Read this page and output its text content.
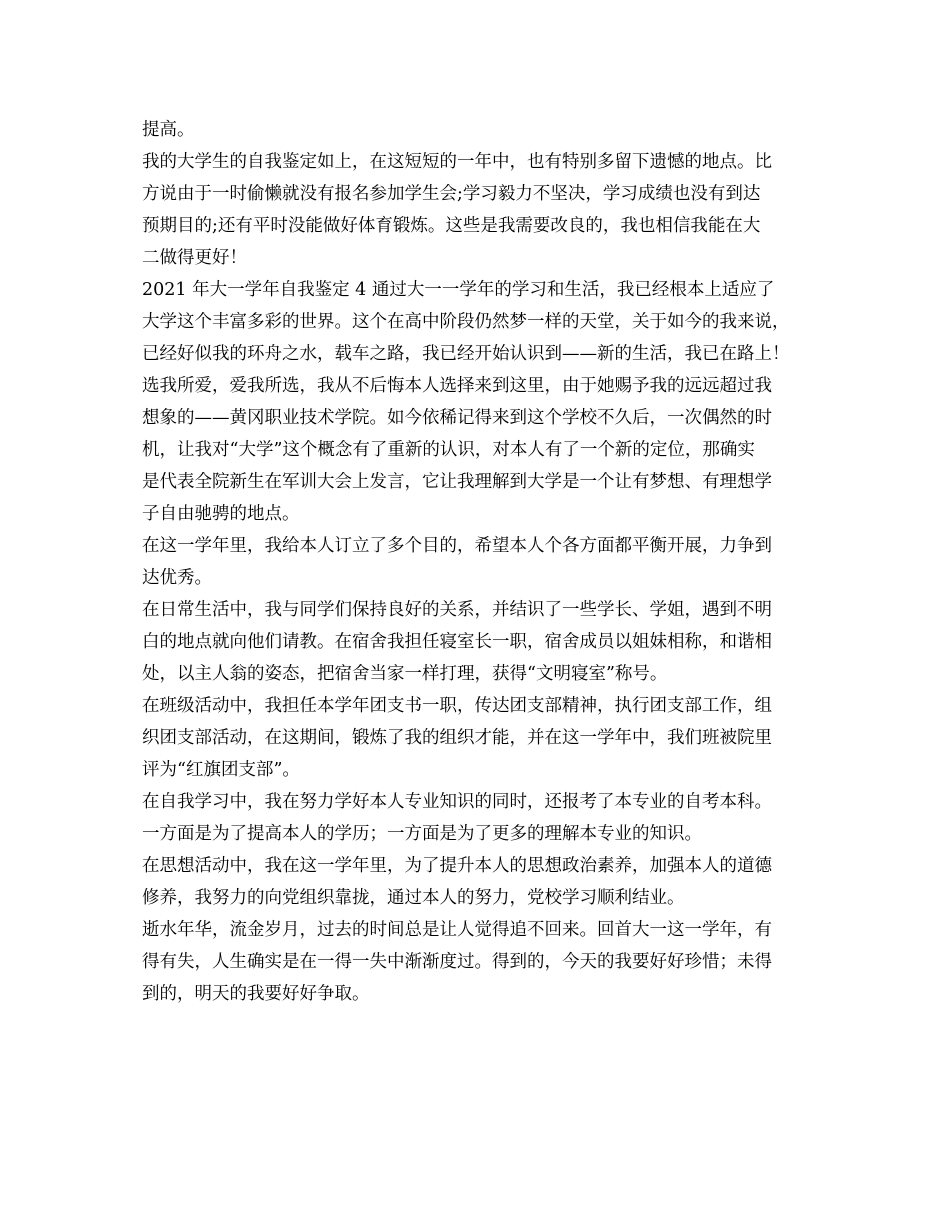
提高。
我的大学生的自我鉴定如上，在这短短的一年中，也有特别多留下遗憾的地点。比
方说由于一时偷懒就没有报名参加学生会;学习毅力不坚决，学习成绩也没有到达
预期目的;还有平时没能做好体育锻炼。这些是我需要改良的，我也相信我能在大
二做得更好！
2021 年大一学年自我鉴定 4 通过大一一学年的学习和生活，我已经根本上适应了
大学这个丰富多彩的世界。这个在高中阶段仍然梦一样的天堂，关于如今的我来说，
已经好似我的环舟之水，载车之路，我已经开始认识到——新的生活，我已在路上！
选我所爱，爱我所选，我从不后悔本人选择来到这里，由于她赐予我的远远超过我
想象的——黄冈职业技术学院。如今依稀记得来到这个学校不久后，一次偶然的时
机，让我对“大学”这个概念有了重新的认识，对本人有了一个新的定位，那确实
是代表全院新生在军训大会上发言，它让我理解到大学是一个让有梦想、有理想学
子自由驰骋的地点。
在这一学年里，我给本人订立了多个目的，希望本人个各方面都平衡开展，力争到
达优秀。
在日常生活中，我与同学们保持良好的关系，并结识了一些学长、学姐，遇到不明
白的地点就向他们请教。在宿舍我担任寝室长一职，宿舍成员以姐妹相称，和谐相
处，以主人翁的姿态，把宿舍当家一样打理，获得“文明寝室”称号。
在班级活动中，我担任本学年团支书一职，传达团支部精神，执行团支部工作，组
织团支部活动，在这期间，锻炼了我的组织才能，并在这一学年中，我们班被院里
评为“红旗团支部”。
在自我学习中，我在努力学好本人专业知识的同时，还报考了本专业的自考本科。
一方面是为了提高本人的学历；一方面是为了更多的理解本专业的知识。
在思想活动中，我在这一学年里，为了提升本人的思想政治素养，加强本人的道德
修养，我努力的向党组织靠拢，通过本人的努力，党校学习顺利结业。
逝水年华，流金岁月，过去的时间总是让人觉得追不回来。回首大一这一学年，有
得有失，人生确实是在一得一失中渐渐度过。得到的，今天的我要好好珍惜；未得
到的，明天的我要好好争取。
